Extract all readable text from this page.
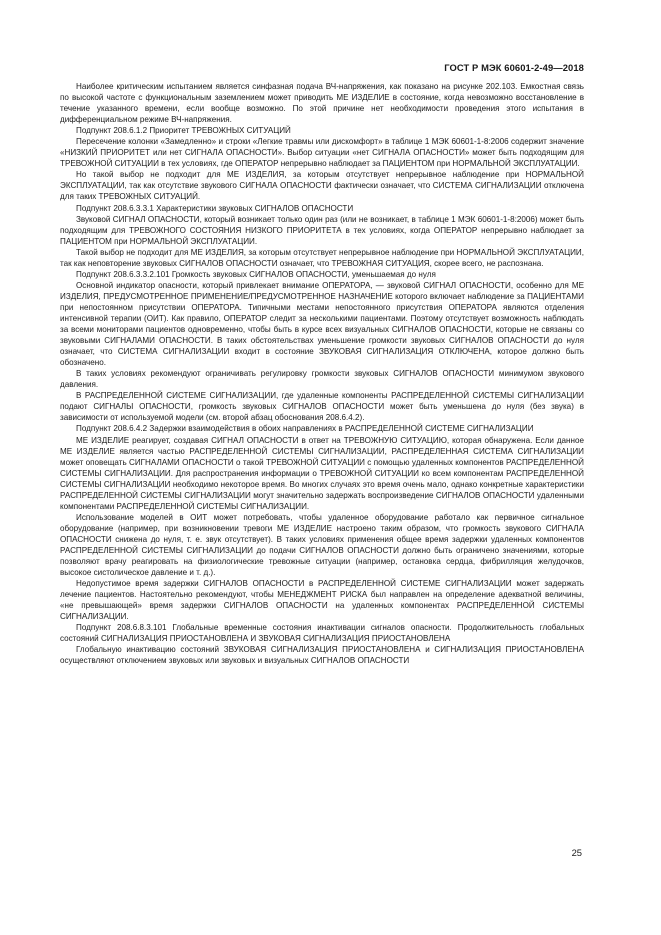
ГОСТ Р МЭК 60601-2-49—2018

Наиболее критическим испытанием является синфазная подача ВЧ-напряжения, как показано на рисунке 202.103. Емкостная связь по высокой частоте с функциональным заземлением может приводить МЕ ИЗДЕЛИЕ в состояние, когда невозможно восстановление в течение указанного времени, если вообще возможно. По этой причине нет необходимости проведения этого испытания в дифференциальном режиме ВЧ-напряжения.

Подпункт 208.6.1.2 Приоритет ТРЕВОЖНЫХ СИТУАЦИЙ

Пересечение колонки «Замедленно» и строки «Легкие травмы или дискомфорт» в таблице 1 МЭК 60601-1-8:2006 содержит значение «НИЗКИЙ ПРИОРИТЕТ или нет СИГНАЛА ОПАСНОСТИ». Выбор ситуации «нет СИГНАЛА ОПАСНОСТИ» может быть подходящим для ТРЕВОЖНОЙ СИТУАЦИИ в тех условиях, где ОПЕРАТОР непрерывно наблюдает за ПАЦИЕНТОМ при НОРМАЛЬНОЙ ЭКСПЛУАТАЦИИ.

Но такой выбор не подходит для МЕ ИЗДЕЛИЯ, за которым отсутствует непрерывное наблюдение при НОРМАЛЬНОЙ ЭКСПЛУАТАЦИИ, так как отсутствие звукового СИГНАЛА ОПАСНОСТИ фактически означает, что СИСТЕМА СИГНАЛИЗАЦИИ отключена для таких ТРЕВОЖНЫХ СИТУАЦИЙ.

Подпункт 208.6.3.3.1 Характеристики звуковых СИГНАЛОВ ОПАСНОСТИ

Звуковой СИГНАЛ ОПАСНОСТИ, который возникает только один раз (или не возникает, в таблице 1 МЭК 60601-1-8:2006) может быть подходящим для ТРЕВОЖНОГО СОСТОЯНИЯ НИЗКОГО ПРИОРИТЕТА в тех условиях, когда ОПЕРАТОР непрерывно наблюдает за ПАЦИЕНТОМ при НОРМАЛЬНОЙ ЭКСПЛУАТАЦИИ.

Такой выбор не подходит для МЕ ИЗДЕЛИЯ, за которым отсутствует непрерывное наблюдение при НОРМАЛЬНОЙ ЭКСПЛУАТАЦИИ, так как неповторение звуковых СИГНАЛОВ ОПАСНОСТИ означает, что ТРЕВОЖНАЯ СИТУАЦИЯ, скорее всего, не распознана.

Подпункт 208.6.3.3.2.101 Громкость звуковых СИГНАЛОВ ОПАСНОСТИ, уменьшаемая до нуля

Основной индикатор опасности, который привлекает внимание ОПЕРАТОРА, — звуковой СИГНАЛ ОПАСНОСТИ, особенно для МЕ ИЗДЕЛИЯ, ПРЕДУСМОТРЕННОЕ ПРИМЕНЕНИЕ/ПРЕДУСМОТРЕННОЕ НАЗНАЧЕНИЕ которого включает наблюдение за ПАЦИЕНТАМИ при непостоянном присутствии ОПЕРАТОРА. Типичными местами непостоянного присутствия ОПЕРАТОРА являются отделения интенсивной терапии (ОИТ). Как правило, ОПЕРАТОР следит за несколькими пациентами. Поэтому отсутствует возможность наблюдать за всеми мониторами пациентов одновременно, чтобы быть в курсе всех визуальных СИГНАЛОВ ОПАСНОСТИ, которые не связаны со звуковыми СИГНАЛАМИ ОПАСНОСТИ. В таких обстоятельствах уменьшение громкости звуковых СИГНАЛОВ ОПАСНОСТИ до нуля означает, что СИСТЕМА СИГНАЛИЗАЦИИ входит в состояние ЗВУКОВАЯ СИГНАЛИЗАЦИЯ ОТКЛЮЧЕНА, которое должно быть обозначено.

В таких условиях рекомендуют ограничивать регулировку громкости звуковых СИГНАЛОВ ОПАСНОСТИ минимумом звукового давления.

В РАСПРЕДЕЛЕННОЙ СИСТЕМЕ СИГНАЛИЗАЦИИ, где удаленные компоненты РАСПРЕДЕЛЕННОЙ СИСТЕМЫ СИГНАЛИЗАЦИИ подают СИГНАЛЫ ОПАСНОСТИ, громкость звуковых СИГНАЛОВ ОПАСНОСТИ может быть уменьшена до нуля (без звука) в зависимости от используемой модели (см. второй абзац обоснования 208.6.4.2).

Подпункт 208.6.4.2 Задержки взаимодействия в обоих направлениях в РАСПРЕДЕЛЕННОЙ СИСТЕМЕ СИГНАЛИЗАЦИИ

МЕ ИЗДЕЛИЕ реагирует, создавая СИГНАЛ ОПАСНОСТИ в ответ на ТРЕВОЖНУЮ СИТУАЦИЮ, которая обнаружена. Если данное МЕ ИЗДЕЛИЕ является частью РАСПРЕДЕЛЕННОЙ СИСТЕМЫ СИГНАЛИЗАЦИИ, РАСПРЕДЕЛЕННАЯ СИСТЕМА СИГНАЛИЗАЦИИ может оповещать СИГНАЛАМИ ОПАСНОСТИ о такой ТРЕВОЖНОЙ СИТУАЦИИ с помощью удаленных компонентов РАСПРЕДЕЛЕННОЙ СИСТЕМЫ СИГНАЛИЗАЦИИ. Для распространения информации о ТРЕВОЖНОЙ СИТУАЦИИ ко всем компонентам РАСПРЕДЕЛЕННОЙ СИСТЕМЫ СИГНАЛИЗАЦИИ необходимо некоторое время. Во многих случаях это время очень мало, однако конкретные характеристики РАСПРЕДЕЛЕННОЙ СИСТЕМЫ СИГНАЛИЗАЦИИ могут значительно задержать воспроизведение СИГНАЛОВ ОПАСНОСТИ удаленными компонентами РАСПРЕДЕЛЕННОЙ СИСТЕМЫ СИГНАЛИЗАЦИИ.

Использование моделей в ОИТ может потребовать, чтобы удаленное оборудование работало как первичное сигнальное оборудование (например, при возникновении тревоги МЕ ИЗДЕЛИЕ настроено таким образом, что громкость звукового СИГНАЛА ОПАСНОСТИ снижена до нуля, т. е. звук отсутствует). В таких условиях применения общее время задержки удаленных компонентов РАСПРЕДЕЛЕННОЙ СИСТЕМЫ СИГНАЛИЗАЦИИ до подачи СИГНАЛОВ ОПАСНОСТИ должно быть ограничено значениями, которые позволяют врачу реагировать на физиологические тревожные ситуации (например, остановка сердца, фибрилляция желудочков, высокое систолическое давление и т. д.).

Недопустимое время задержки СИГНАЛОВ ОПАСНОСТИ в РАСПРЕДЕЛЕННОЙ СИСТЕМЕ СИГНАЛИЗАЦИИ может задержать лечение пациентов. Настоятельно рекомендуют, чтобы МЕНЕДЖМЕНТ РИСКА был направлен на определение адекватной величины, «не превышающей» время задержки СИГНАЛОВ ОПАСНОСТИ на удаленных компонентах РАСПРЕДЕЛЕННОЙ СИСТЕМЫ СИГНАЛИЗАЦИИ.

Подпункт 208.6.8.3.101 Глобальные временные состояния инактивации сигналов опасности. Продолжительность глобальных состояний СИГНАЛИЗАЦИЯ ПРИОСТАНОВЛЕНА И ЗВУКОВАЯ СИГНАЛИЗАЦИЯ ПРИОСТАНОВЛЕНА

Глобальную инактивацию состояний ЗВУКОВАЯ СИГНАЛИЗАЦИЯ ПРИОСТАНОВЛЕНА и СИГНАЛИЗАЦИЯ ПРИОСТАНОВЛЕНА осуществляют отключением звуковых или звуковых и визуальных СИГНАЛОВ ОПАСНОСТИ

25
